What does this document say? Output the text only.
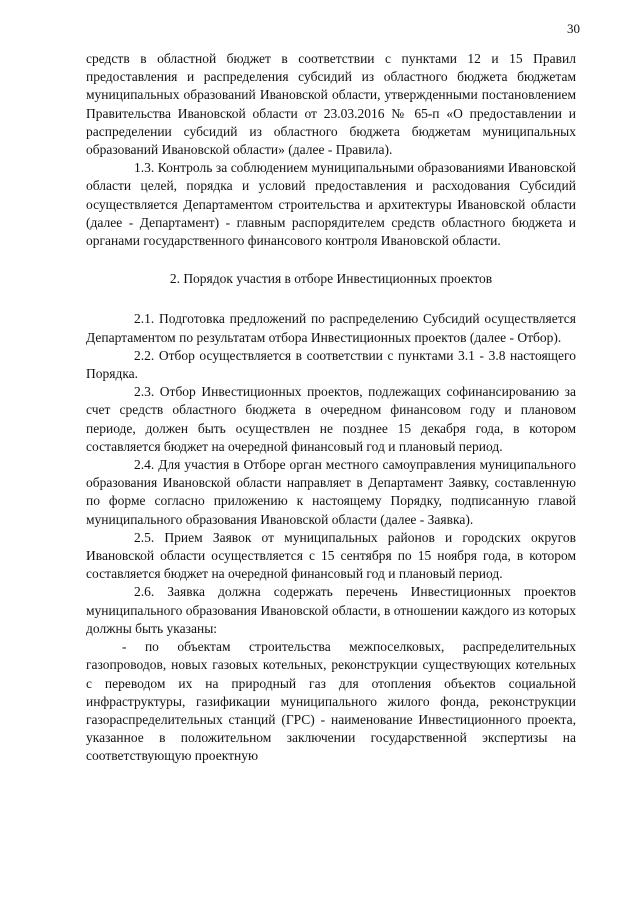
30

средств в областной бюджет в соответствии с пунктами 12 и 15 Правил предоставления и распределения субсидий из областного бюджета бюджетам муниципальных образований Ивановской области, утвержденными постановлением Правительства Ивановской области от 23.03.2016 № 65-п «О предоставлении и распределении субсидий из областного бюджета бюджетам муниципальных образований Ивановской области» (далее - Правила).

1.3. Контроль за соблюдением муниципальными образованиями Ивановской области целей, порядка и условий предоставления и расходования Субсидий осуществляется Департаментом строительства и архитектуры Ивановской области (далее - Департамент) - главным распорядителем средств областного бюджета и органами государственного финансового контроля Ивановской области.

2. Порядок участия в отборе Инвестиционных проектов

2.1. Подготовка предложений по распределению Субсидий осуществляется Департаментом по результатам отбора Инвестиционных проектов (далее - Отбор).

2.2. Отбор осуществляется в соответствии с пунктами 3.1 - 3.8 настоящего Порядка.

2.3. Отбор Инвестиционных проектов, подлежащих софинансированию за счет средств областного бюджета в очередном финансовом году и плановом периоде, должен быть осуществлен не позднее 15 декабря года, в котором составляется бюджет на очередной финансовый год и плановый период.

2.4. Для участия в Отборе орган местного самоуправления муниципального образования Ивановской области направляет в Департамент Заявку, составленную по форме согласно приложению к настоящему Порядку, подписанную главой муниципального образования Ивановской области (далее - Заявка).

2.5. Прием Заявок от муниципальных районов и городских округов Ивановской области осуществляется с 15 сентября по 15 ноября года, в котором составляется бюджет на очередной финансовый год и плановый период.

2.6. Заявка должна содержать перечень Инвестиционных проектов муниципального образования Ивановской области, в отношении каждого из которых должны быть указаны:

- по объектам строительства межпоселковых, распределительных газопроводов, новых газовых котельных, реконструкции существующих котельных с переводом их на природный газ для отопления объектов социальной инфраструктуры, газификации муниципального жилого фонда, реконструкции газораспределительных станций (ГРС) - наименование Инвестиционного проекта, указанное в положительном заключении государственной экспертизы на соответствующую проектную
